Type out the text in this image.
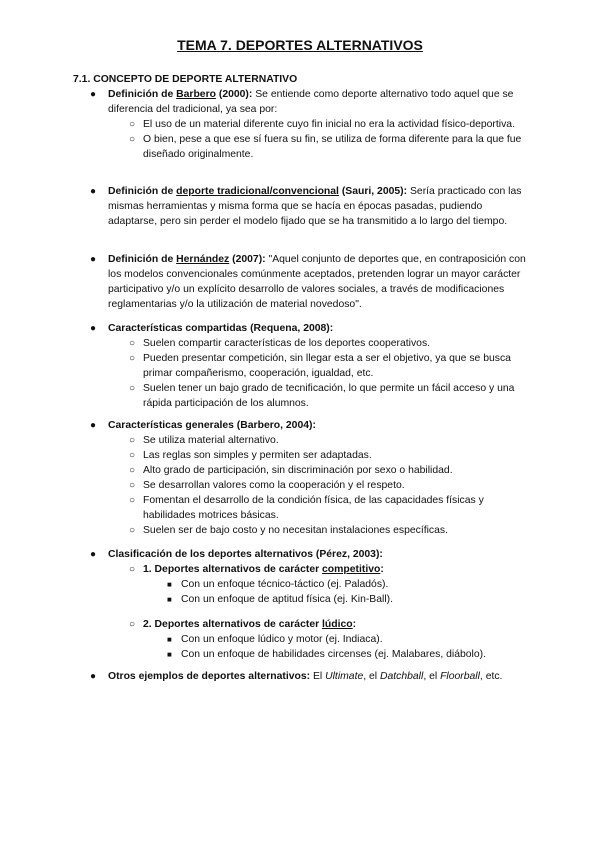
TEMA 7. DEPORTES ALTERNATIVOS
7.1. CONCEPTO DE DEPORTE ALTERNATIVO
● Definición de Barbero (2000): Se entiende como deporte alternativo todo aquel que se diferencia del tradicional, ya sea por:
○ El uso de un material diferente cuyo fin inicial no era la actividad físico-deportiva.
○ O bien, pese a que ese sí fuera su fin, se utiliza de forma diferente para la que fue diseñado originalmente.
● Definición de deporte tradicional/convencional (Sauri, 2005): Sería practicado con las mismas herramientas y misma forma que se hacía en épocas pasadas, pudiendo adaptarse, pero sin perder el modelo fijado que se ha transmitido a lo largo del tiempo.
● Definición de Hernández (2007): "Aquel conjunto de deportes que, en contraposición con los modelos convencionales comúnmente aceptados, pretenden lograr un mayor carácter participativo y/o un explícito desarrollo de valores sociales, a través de modificaciones reglamentarias y/o la utilización de material novedoso".
● Características compartidas (Requena, 2008):
○ Suelen compartir características de los deportes cooperativos.
○ Pueden presentar competición, sin llegar esta a ser el objetivo, ya que se busca primar compañerismo, cooperación, igualdad, etc.
○ Suelen tener un bajo grado de tecnificación, lo que permite un fácil acceso y una rápida participación de los alumnos.
● Características generales (Barbero, 2004):
○ Se utiliza material alternativo.
○ Las reglas son simples y permiten ser adaptadas.
○ Alto grado de participación, sin discriminación por sexo o habilidad.
○ Se desarrollan valores como la cooperación y el respeto.
○ Fomentan el desarrollo de la condición física, de las capacidades físicas y habilidades motrices básicas.
○ Suelen ser de bajo costo y no necesitan instalaciones específicas.
● Clasificación de los deportes alternativos (Pérez, 2003):
○ 1. Deportes alternativos de carácter competitivo:
■ Con un enfoque técnico-táctico (ej. Paladós).
■ Con un enfoque de aptitud física (ej. Kin-Ball).
○ 2. Deportes alternativos de carácter lúdico:
■ Con un enfoque lúdico y motor (ej. Indiaca).
■ Con un enfoque de habilidades circenses (ej. Malabares, diábolo).
● Otros ejemplos de deportes alternativos: El Ultimate, el Datchball, el Floorball, etc.
